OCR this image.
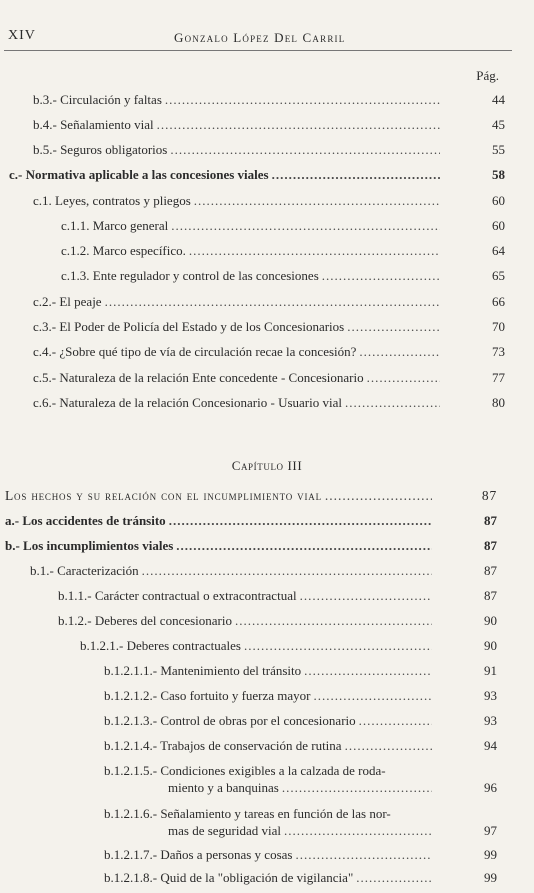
XIV	Gonzalo López Del Carril
Pág.
b.3.- Circulación y faltas .....	44
b.4.- Señalamiento vial .....	45
b.5.- Seguros obligatorios .....	55
c.- Normativa aplicable a las concesiones viales .....	58
c.1. Leyes, contratos y pliegos .....	60
c.1.1. Marco general .....	60
c.1.2. Marco específico. .....	64
c.1.3. Ente regulador y control de las concesiones .....	65
c.2.- El peaje .....	66
c.3.- El Poder de Policía del Estado y de los Concesionarios .....	70
c.4.- ¿Sobre qué tipo de vía de circulación recae la concesión? .....	73
c.5.- Naturaleza de la relación Ente concedente - Concesionario .....	77
c.6.- Naturaleza de la relación Concesionario - Usuario vial .....	80
Capítulo III
Los hechos y su relación con el incumplimiento vial .....	87
a.- Los accidentes de tránsito .....	87
b.- Los incumplimientos viales .....	87
b.1.- Caracterización .....	87
b.1.1.- Carácter contractual o extracontractual .....	87
b.1.2.- Deberes del concesionario .....	90
b.1.2.1.- Deberes contractuales .....	90
b.1.2.1.1.- Mantenimiento del tránsito .....	91
b.1.2.1.2.- Caso fortuito y fuerza mayor .....	93
b.1.2.1.3.- Control de obras por el concesionario .....	93
b.1.2.1.4.- Trabajos de conservación de rutina .....	94
b.1.2.1.5.- Condiciones exigibles a la calzada de roda-
miento y a banquinas .....	96
b.1.2.1.6.- Señalamiento y tareas en función de las nor-
mas de seguridad vial .....	97
b.1.2.1.7.- Daños a personas y cosas .....	99
b.1.2.1.8.- Quid de la "obligación de vigilancia" .....	99
